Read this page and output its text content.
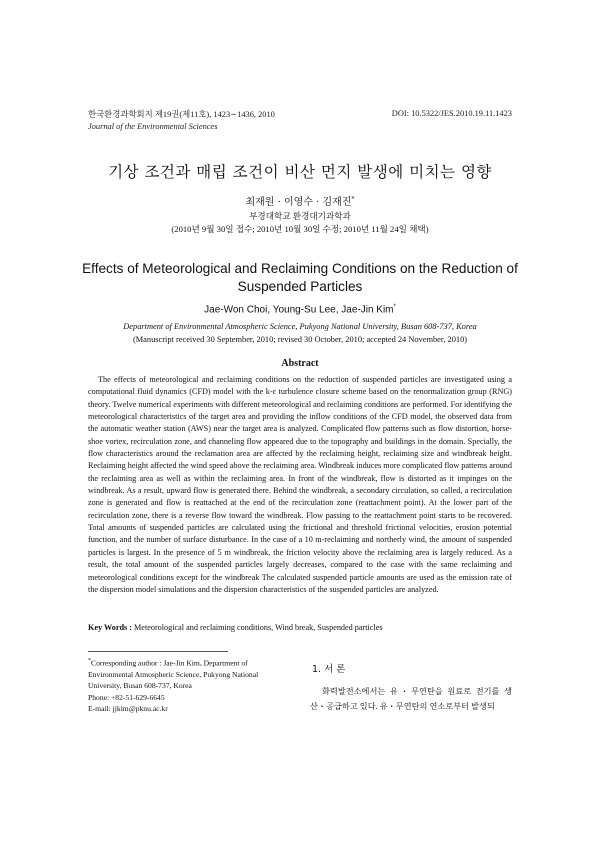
한국환경과학회지 제19권(제11호), 1423∼1436, 2010
Journal of the Environmental Sciences
DOI: 10.5322/JES.2010.19.11.1423
기상 조건과 매립 조건이 비산 먼지 발생에 미치는 영향
최재원 · 이영수 · 김재진*
부경대학교 환경대기과학과
(2010년 9월 30일 접수; 2010년 10월 30일 수정; 2010년 11월 24일 채택)
Effects of Meteorological and Reclaiming Conditions on the Reduction of Suspended Particles
Jae-Won Choi, Young-Su Lee, Jae-Jin Kim*
Department of Environmental Atmospheric Science, Pukyong National University, Busan 608-737, Korea
(Manuscript received 30 September, 2010; revised 30 October, 2010; accepted 24 November, 2010)
Abstract

The effects of meteorological and reclaiming conditions on the reduction of suspended particles are investigated using a computational fluid dynamics (CFD) model with the k-ε turbulence closure scheme based on the renormalization group (RNG) theory. Twelve numerical experiments with different meteorological and reclaiming conditions are performed. For identifying the meteorological characteristics of the target area and providing the inflow conditions of the CFD model, the observed data from the automatic weather station (AWS) near the target area is analyzed. Complicated flow patterns such as flow distortion, horse-shoe vortex, recirculation zone, and channeling flow appeared due to the topography and buildings in the domain. Specially, the flow characteristics around the reclamation area are affected by the reclaiming height, reclaiming size and windbreak height. Reclaiming height affected the wind speed above the reclaiming area. Windbreak induces more complicated flow patterns around the reclaiming area as well as within the reclaiming area. In front of the windbreak, flow is distorted as it impinges on the windbreak. As a result, upward flow is generated there. Behind the windbreak, a secondary circulation, so called, a recirculation zone is generated and flow is reattached at the end of the recirculation zone (reattachment point). At the lower part of the recirculation zone, there is a reverse flow toward the windbreak. Flow passing to the reattachment point starts to be recovered. Total amounts of suspended particles are calculated using the frictional and threshold frictional velocities, erosion potential function, and the number of surface disturbance. In the case of a 10 m-reclaiming and northerly wind, the amount of suspended particles is largest. In the presence of 5 m windbreak, the friction velocity above the reclaiming area is largely reduced. As a result, the total amount of the suspended particles largely decreases, compared to the case with the same reclaiming and meteorological conditions except for the windbreak The calculated suspended particle amounts are used as the emission rate of the dispersion model simulations and the dispersion characteristics of the suspended particles are analyzed.

Key Words : Meteorological and reclaiming conditions, Wind break, Suspended particles
*Corresponding author : Jae-Jin Kim, Department of Environmental Atmospheric Science, Pukyong National University, Busan 608-737, Korea
Phone: +82-51-629-6645
E-mail: jjkim@pknu.ac.kr
1. 서 론

화력발전소에서는 유・무연탄을 원료로 전기를 생산・공급하고 있다. 유・무연탄의 연소로부터 발생되
